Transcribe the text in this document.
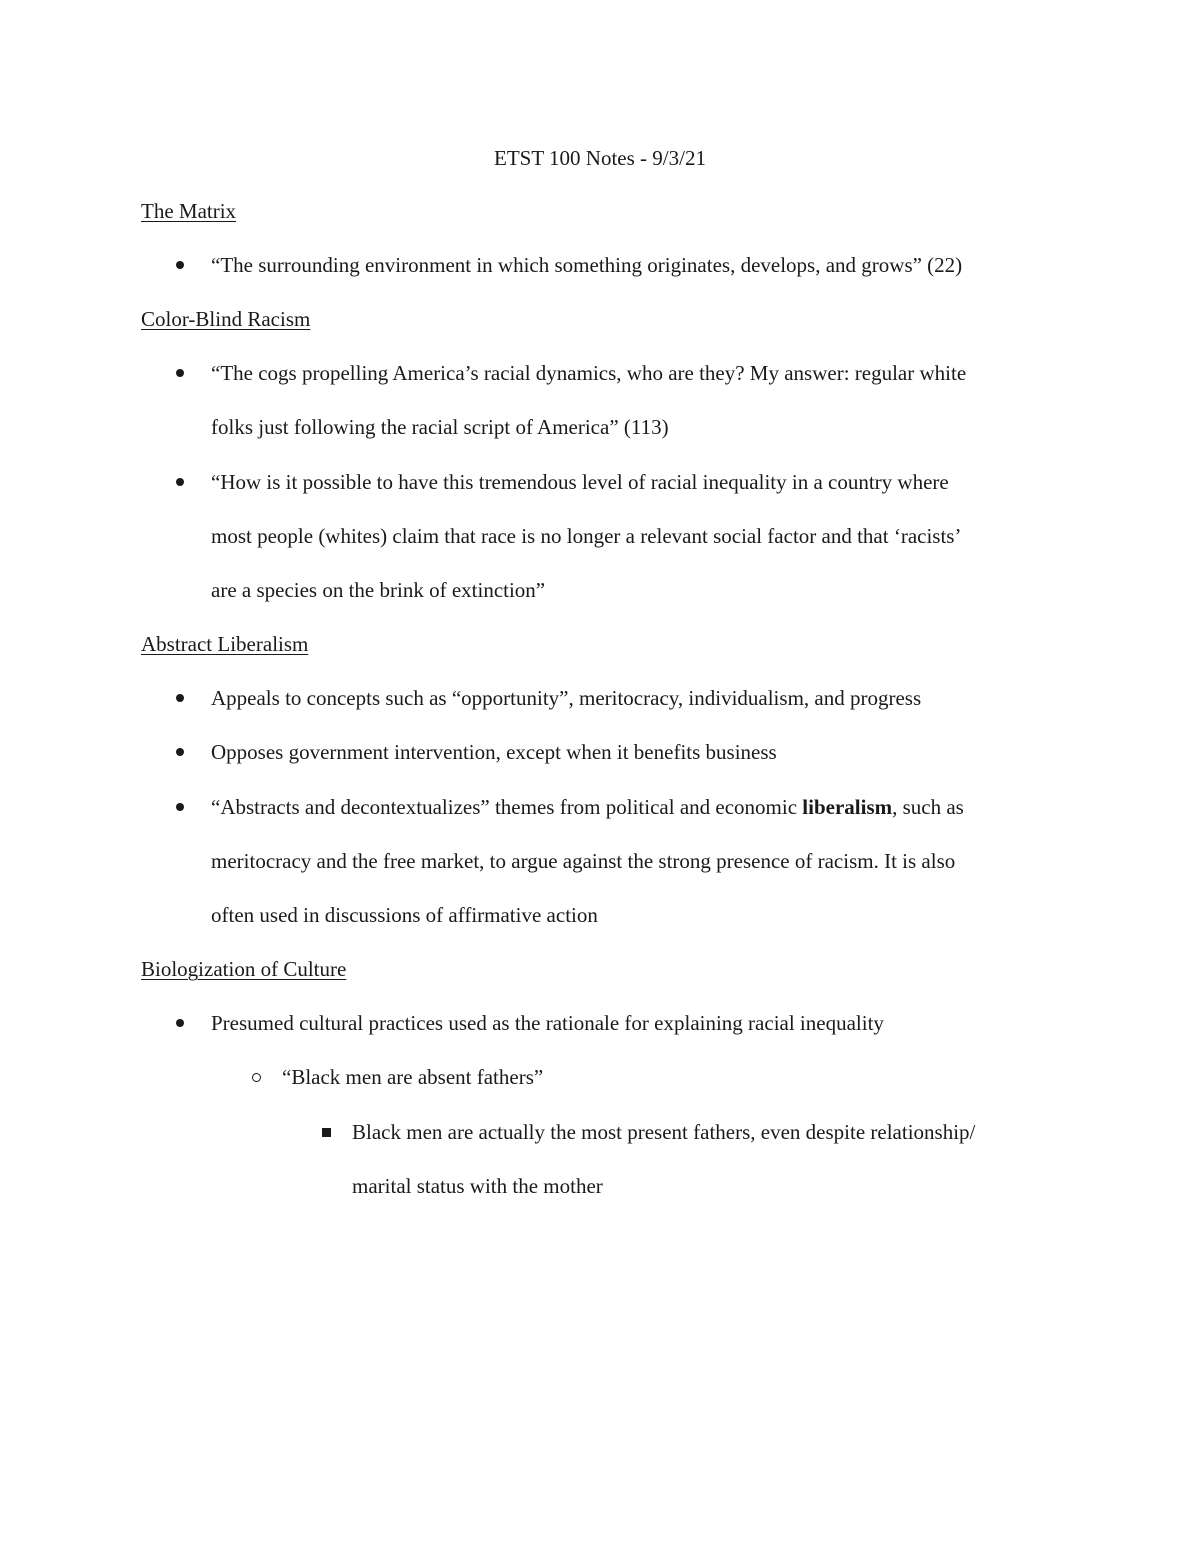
ETST 100 Notes - 9/3/21
The Matrix
“The surrounding environment in which something originates, develops, and grows” (22)
Color-Blind Racism
“The cogs propelling America’s racial dynamics, who are they? My answer: regular white
folks just following the racial script of America” (113)
“How is it possible to have this tremendous level of racial inequality in a country where
most people (whites) claim that race is no longer a relevant social factor and that ‘racists’
are a species on the brink of extinction”
Abstract Liberalism
Appeals to concepts such as “opportunity”, meritocracy, individualism, and progress
Opposes government intervention, except when it benefits business
“Abstracts and decontextualizes” themes from political and economic liberalism, such as
meritocracy and the free market, to argue against the strong presence of racism. It is also
often used in discussions of affirmative action
Biologization of Culture
Presumed cultural practices used as the rationale for explaining racial inequality
“Black men are absent fathers”
Black men are actually the most present fathers, even despite relationship/
marital status with the mother
